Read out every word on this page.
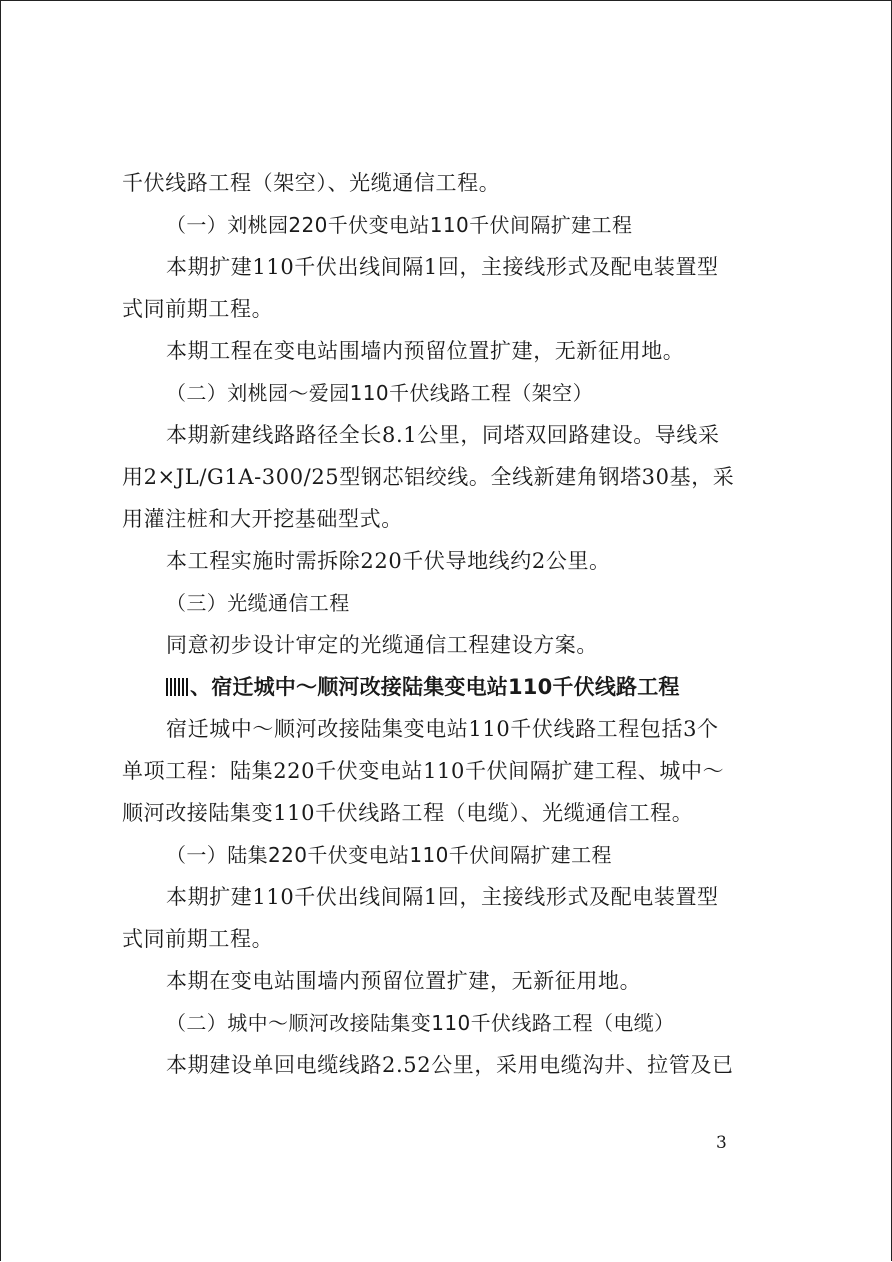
千伏线路工程（架空）、光缆通信工程。
（一）刘桃园220千伏变电站110千伏间隔扩建工程
本期扩建110千伏出线间隔1回，主接线形式及配电装置型
式同前期工程。
本期工程在变电站围墙内预留位置扩建，无新征用地。
（二）刘桃园～爱园110千伏线路工程（架空）
本期新建线路路径全长8.1公里，同塔双回路建设。导线采
用2×JL/G1A-300/25型钢芯铝绞线。全线新建角钢塔30基，采
用灌注桩和大开挖基础型式。
本工程实施时需拆除220千伏导地线约2公里。
（三）光缆通信工程
同意初步设计审定的光缆通信工程建设方案。
、宿迁城中～顺河改接陆集变电站110千伏线路工程
宿迁城中～顺河改接陆集变电站110千伏线路工程包括3个
单项工程：陆集220千伏变电站110千伏间隔扩建工程、城中～
顺河改接陆集变110千伏线路工程（电缆）、光缆通信工程。
（一）陆集220千伏变电站110千伏间隔扩建工程
本期扩建110千伏出线间隔1回，主接线形式及配电装置型
式同前期工程。
本期在变电站围墙内预留位置扩建，无新征用地。
（二）城中～顺河改接陆集变110千伏线路工程（电缆）
本期建设单回电缆线路2.52公里，采用电缆沟井、拉管及已
3
